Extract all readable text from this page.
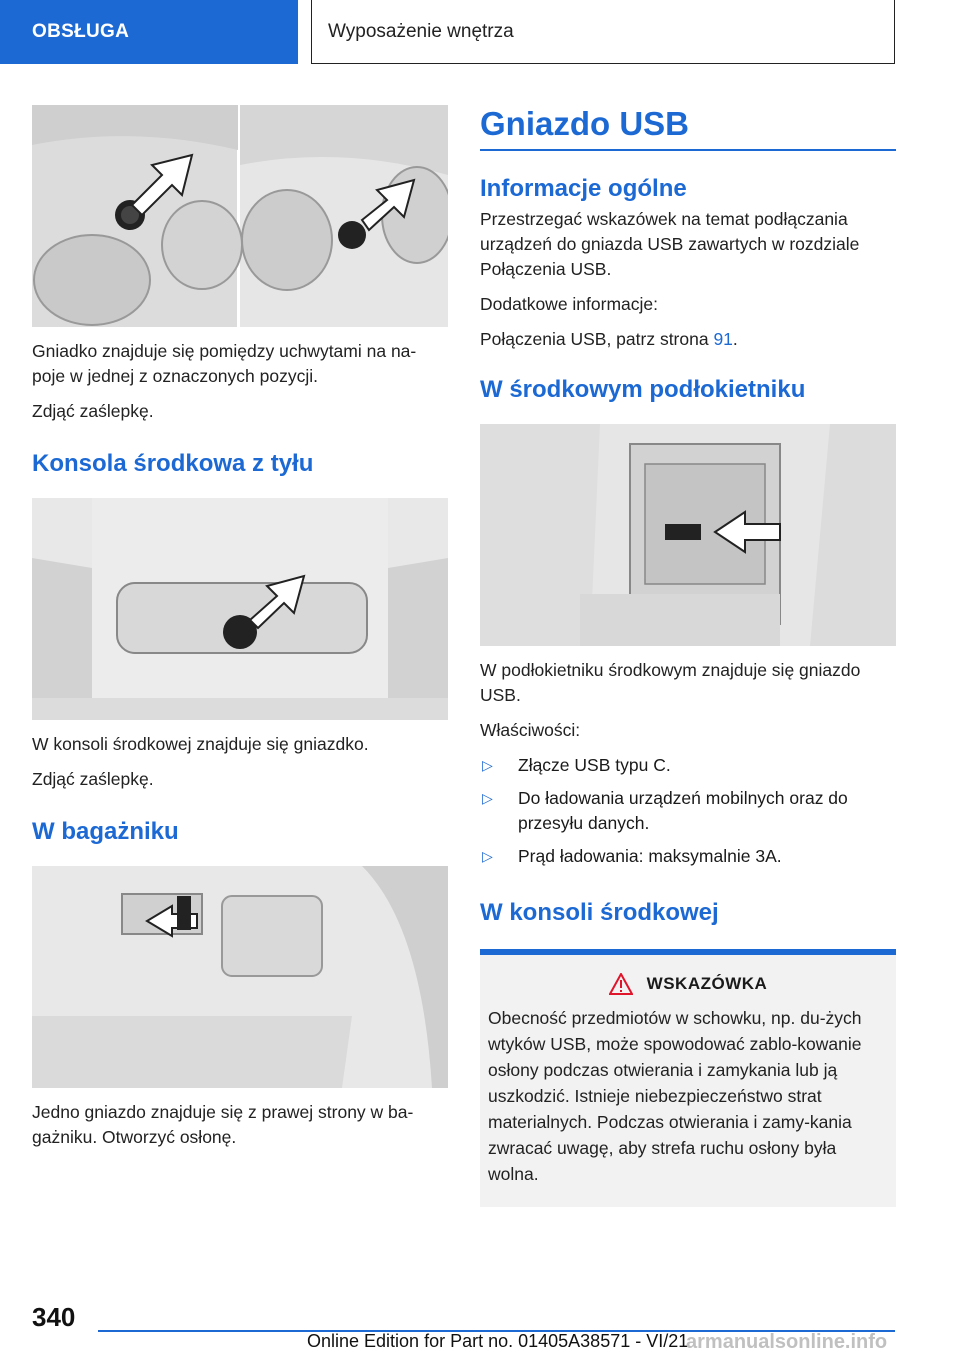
OBSŁUGA	Wyposażenie wnętrza

Gniadko znajduje się pomiędzy uchwytami na na-poje w jednej z oznaczonych pozycji.

Zdjąć zaślepkę.

Konsola środkowa z tyłu

W konsoli środkowej znajduje się gniazdko.

Zdjąć zaślepkę.

W bagażniku

Jedno gniazdo znajduje się z prawej strony w ba-gażniku. Otworzyć osłonę.

Gniazdo USB
Informacje ogólne

Przestrzegać wskazówek na temat podłączania urządzeń do gniazda USB zawartych w rozdziale Połączenia USB.

Dodatkowe informacje:

Połączenia USB, patrz strona 91.

W środkowym podłokietniku

W podłokietniku środkowym znajduje się gniazdo USB.

Właściwości:

▷ Złącze USB typu C.
▷ Do ładowania urządzeń mobilnych oraz do przesyłu danych.
▷ Prąd ładowania: maksymalnie 3A.
W konsoli środkowej
WSKAZÓWKA
Obecność przedmiotów w schowku, np. du-żych wtyków USB, może spowodować zablo-kowanie osłony podczas otwierania i zamykania lub ją uszkodzić. Istnieje niebezpieczeństwo strat materialnych. Podczas otwierania i zamy-kania zwracać uwagę, aby strefa ruchu osłony była wolna.
340
Online Edition for Part no. 01405A38571 - VI/21
armanualsonline.info
